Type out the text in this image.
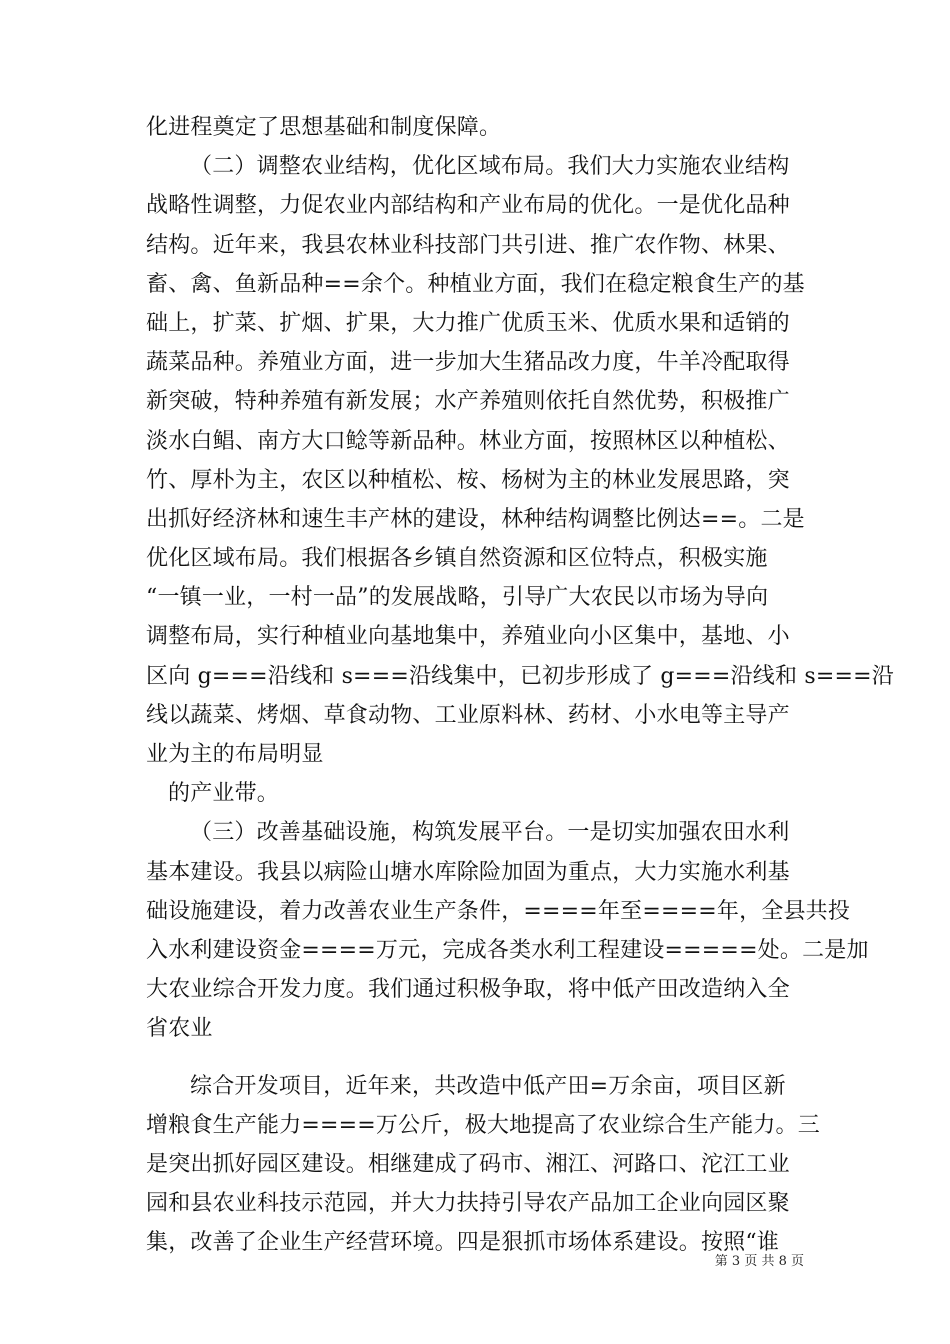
化进程奠定了思想基础和制度保障。
（二）调整农业结构，优化区域布局。我们大力实施农业结构
战略性调整，力促农业内部结构和产业布局的优化。一是优化品种
结构。近年来，我县农林业科技部门共引进、推广农作物、林果、
畜、禽、鱼新品种==余个。种植业方面，我们在稳定粮食生产的基
础上，扩菜、扩烟、扩果，大力推广优质玉米、优质水果和适销的
蔬菜品种。养殖业方面，进一步加大生猪品改力度，牛羊冷配取得
新突破，特种养殖有新发展；水产养殖则依托自然优势，积极推广
淡水白鲳、南方大口鲶等新品种。林业方面，按照林区以种植松、
竹、厚朴为主，农区以种植松、桉、杨树为主的林业发展思路，突
出抓好经济林和速生丰产林的建设，林种结构调整比例达==。二是
优化区域布局。我们根据各乡镇自然资源和区位特点，积极实施
“一镇一业，一村一品”的发展战略，引导广大农民以市场为导向
调整布局，实行种植业向基地集中，养殖业向小区集中，基地、小
区向 g===沿线和 s===沿线集中，已初步形成了 g===沿线和 s===沿
线以蔬菜、烤烟、草食动物、工业原料林、药材、小水电等主导产
业为主的布局明显
的产业带。
（三）改善基础设施，构筑发展平台。一是切实加强农田水利
基本建设。我县以病险山塘水库除险加固为重点，大力实施水利基
础设施建设，着力改善农业生产条件，====年至====年，全县共投
入水利建设资金====万元，完成各类水利工程建设=====处。二是加
大农业综合开发力度。我们通过积极争取，将中低产田改造纳入全
省农业
综合开发项目，近年来，共改造中低产田=万余亩，项目区新
增粮食生产能力====万公斤，极大地提高了农业综合生产能力。三
是突出抓好园区建设。相继建成了码市、湘江、河路口、沱江工业
园和县农业科技示范园，并大力扶持引导农产品加工企业向园区聚
集，改善了企业生产经营环境。四是狠抓市场体系建设。按照“谁
第 3 页 共 8 页
